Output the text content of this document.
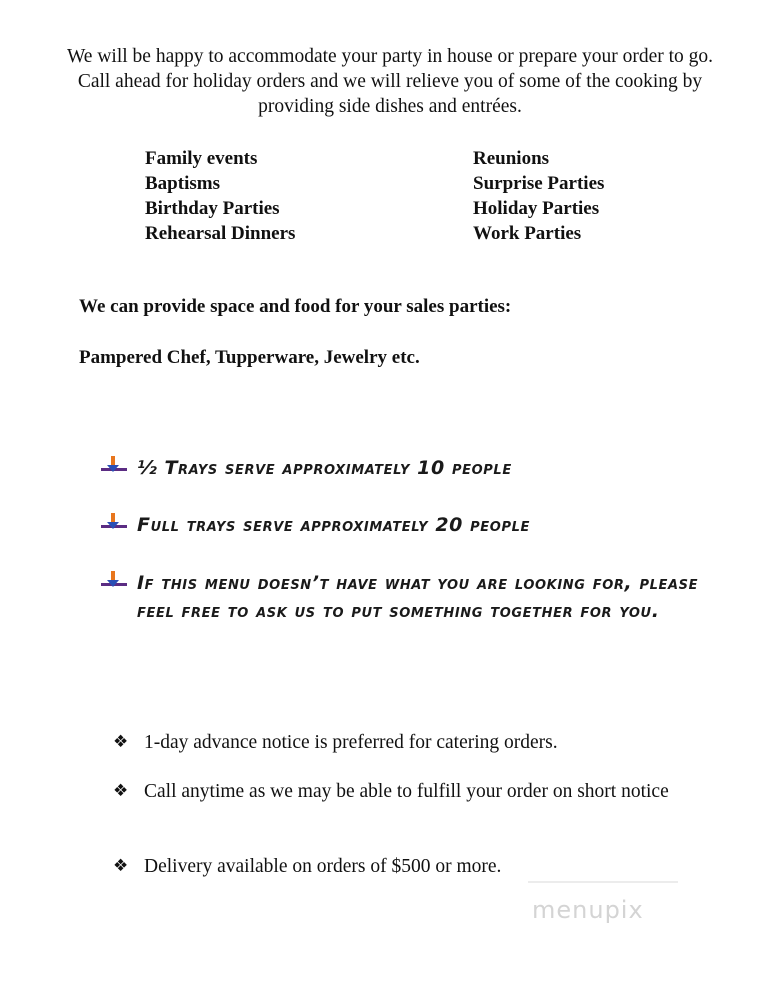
We will be happy to accommodate your party in house or prepare your order to go. Call ahead for holiday orders and we will relieve you of some of the cooking by providing side dishes and entrées.
Family events
Baptisms
Birthday Parties
Rehearsal Dinners
Reunions
Surprise Parties
Holiday Parties
Work Parties
We can provide space and food for your sales parties:
Pampered Chef, Tupperware, Jewelry etc.
½ Trays serve approximately 10 people
Full trays serve approximately 20 people
If this menu doesn’t have what you are looking for, please feel free to ask us to put something together for you.
❖ 1-day advance notice is preferred for catering orders.
❖ Call anytime as we may be able to fulfill your order on short notice
❖ Delivery available on orders of $500 or more.
menupix
